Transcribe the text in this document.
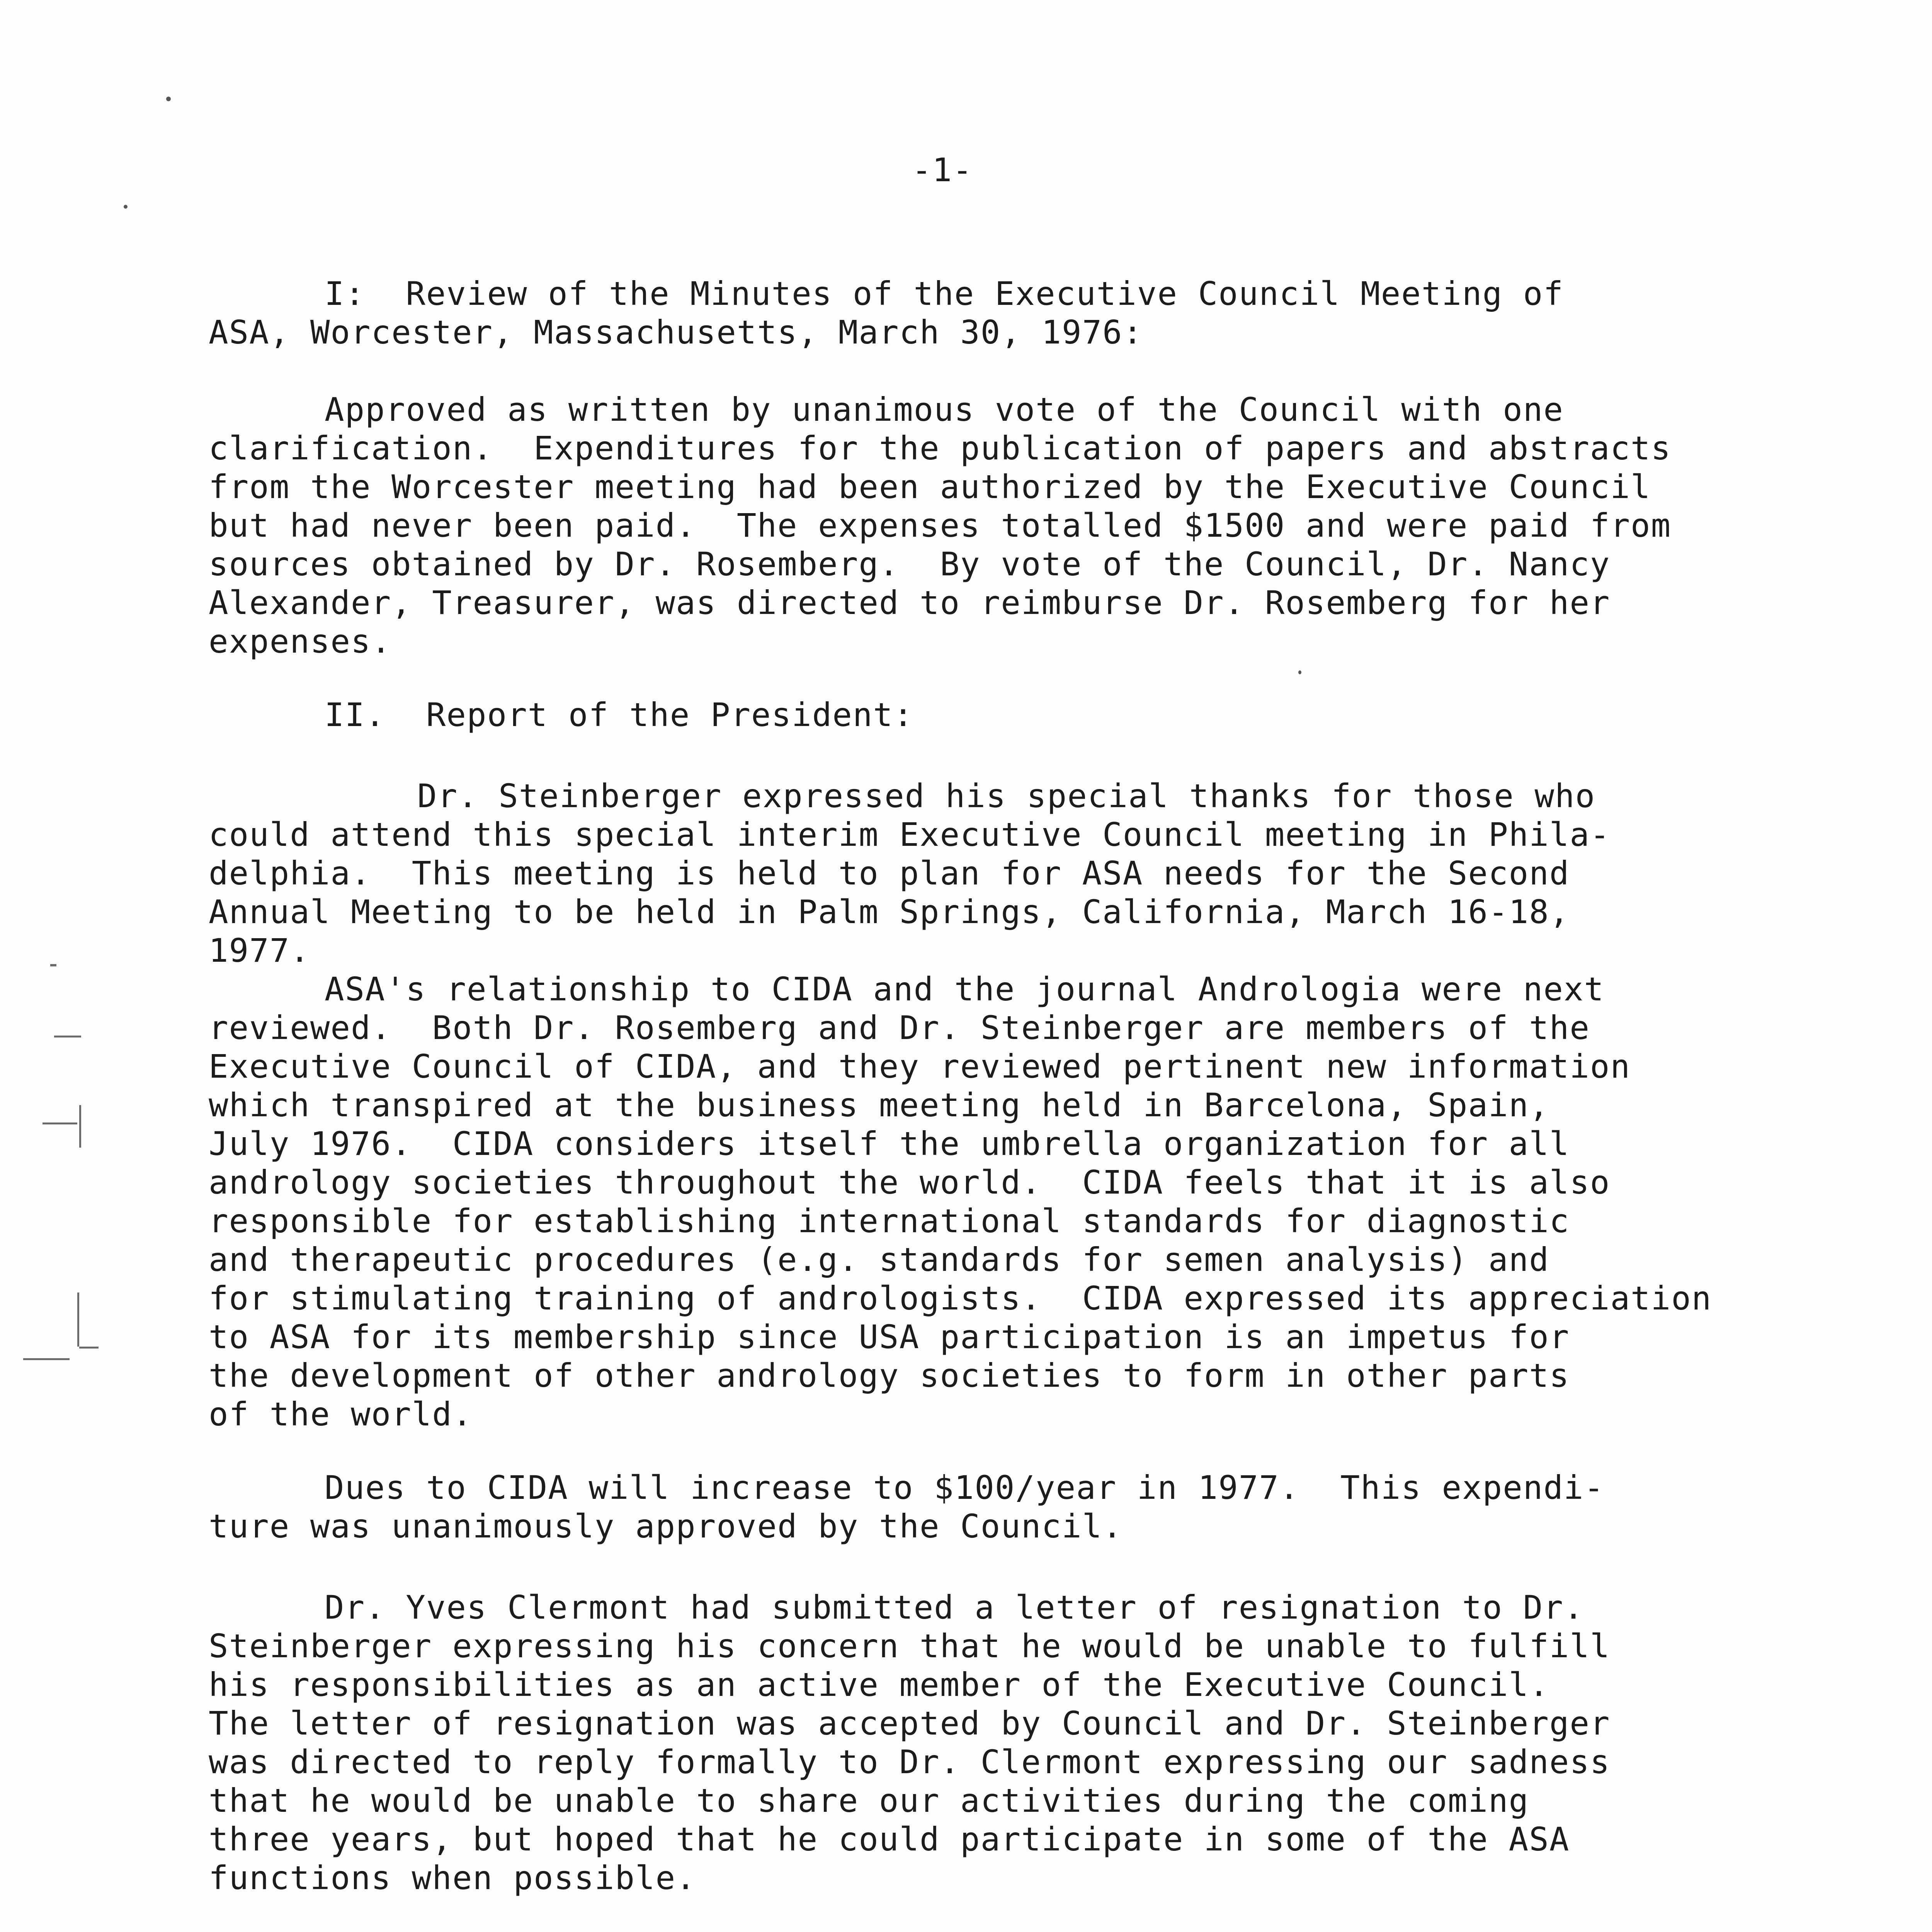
-1-
I:  Review of the Minutes of the Executive Council Meeting of
ASA, Worcester, Massachusetts, March 30, 1976:
Approved as written by unanimous vote of the Council with one
clarification.  Expenditures for the publication of papers and abstracts
from the Worcester meeting had been authorized by the Executive Council
but had never been paid.  The expenses totalled $1500 and were paid from
sources obtained by Dr. Rosemberg.  By vote of the Council, Dr. Nancy
Alexander, Treasurer, was directed to reimburse Dr. Rosemberg for her
expenses.
II.  Report of the President:
Dr. Steinberger expressed his special thanks for those who
could attend this special interim Executive Council meeting in Phila-
delphia.  This meeting is held to plan for ASA needs for the Second
Annual Meeting to be held in Palm Springs, California, March 16-18,
1977.
ASA's relationship to CIDA and the journal Andrologia were next
reviewed.  Both Dr. Rosemberg and Dr. Steinberger are members of the
Executive Council of CIDA, and they reviewed pertinent new information
which transpired at the business meeting held in Barcelona, Spain,
July 1976.  CIDA considers itself the umbrella organization for all
andrology societies throughout the world.  CIDA feels that it is also
responsible for establishing international standards for diagnostic
and therapeutic procedures (e.g. standards for semen analysis) and
for stimulating training of andrologists.  CIDA expressed its appreciation
to ASA for its membership since USA participation is an impetus for
the development of other andrology societies to form in other parts
of the world.
Dues to CIDA will increase to $100/year in 1977.  This expendi-
ture was unanimously approved by the Council.
Dr. Yves Clermont had submitted a letter of resignation to Dr.
Steinberger expressing his concern that he would be unable to fulfill
his responsibilities as an active member of the Executive Council.
The letter of resignation was accepted by Council and Dr. Steinberger
was directed to reply formally to Dr. Clermont expressing our sadness
that he would be unable to share our activities during the coming
three years, but hoped that he could participate in some of the ASA
functions when possible.
